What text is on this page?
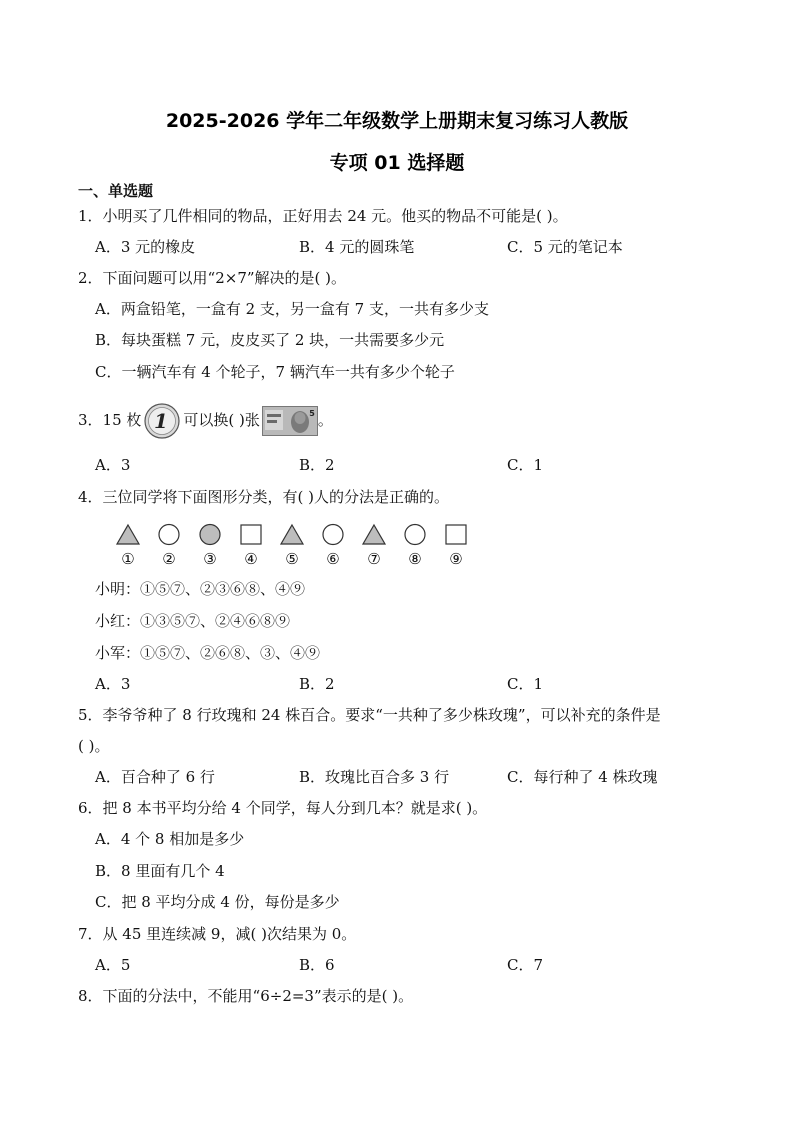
2025-2026 学年二年级数学上册期末复习练习人教版
专项 01 选择题
一、单选题
1．小明买了几件相同的物品，正好用去 24 元。他买的物品不可能是( )。
A．3 元的橡皮	B．4 元的圆珠笔	C．5 元的笔记本
2．下面问题可以用“2×7”解决的是( )。
A．两盒铅笔，一盒有 2 支，另一盒有 7 支，一共有多少支
B．每块蛋糕 7 元，皮皮买了 2 块，一共需要多少元
C．一辆汽车有 4 个轮子，7 辆汽车一共有多少个轮子
3．15 枚 1 可以换( )张	5 。
A．3	B．2	C．1
4．三位同学将下面图形分类，有( )人的分法是正确的。
① ② ③ ④ ⑤ ⑥ ⑦ ⑧ ⑨
小明：①⑤⑦、②③⑥⑧、④⑨
小红：①③⑤⑦、②④⑥⑧⑨
小军：①⑤⑦、②⑥⑧、③、④⑨
A．3	B．2	C．1
5．李爷爷种了 8 行玫瑰和 24 株百合。要求“一共种了多少株玫瑰”，可以补充的条件是
( )。
A．百合种了 6 行	B．玫瑰比百合多 3 行	C．每行种了 4 株玫瑰
6．把 8 本书平均分给 4 个同学，每人分到几本？就是求( )。
A．4 个 8 相加是多少
B．8 里面有几个 4
C．把 8 平均分成 4 份，每份是多少
7．从 45 里连续减 9，减( )次结果为 0。
A．5	B．6	C．7
8．下面的分法中，不能用“6÷2=3”表示的是( )。
